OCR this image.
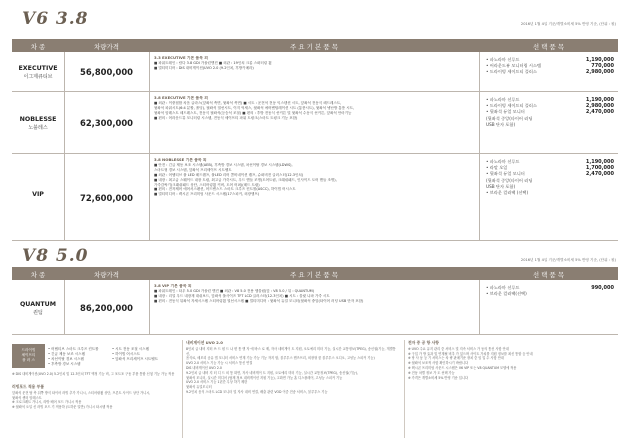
V6 3.8	2016년 1월 4일 기준/개별소비세 5% 반영 기준, (단위 : 원)
차 종	차량가격	주 요 기 본 품 목	선 택 품 목
EXECUTIVE
이그제큐티브	56,800,000
3.3 EXECUTIVE 기본 품목 외
■ 파워트레인 : 람다 3.8 GDI 가솔린엔진 ■ 외관 : 19인치 크롬 스퍼터링 휠
■ 멀티미디어 : DIS 내비게이션(UVO 2.0 (9.2인치, 후방카메라)
• 파노라마 선루프	1,190,000
• 어라운드뷰 모니터링 시스템	770,000
• 드라이빙 셰이프티 플러스	2,980,000
NOBLESSE
노블레스	62,300,000
3.8 EXECUTIVE 기본 품목 외
■ 외관 : 이중접합 차음 글라스(앞좌석 측면, 뒷좌석 측면) ■ 시트 : 운전석 전동 익스텐션 시트, 앞좌석 전동식 헤드레스트,
뒷좌석 파워시트(6:4 분할, 폴딩), 뒷좌석 열선시트, 이지 억세스, 뒷좌석 에어벤틸레이션 시트 (통풍시트), 뒷좌석 냉난방 통풍 시트,
뒷좌석 암레스트 헤드레스트, 전동식 뒷좌석(등승석 조절) ■ 편의 : 후방 전동식 선커튼 및 뒷좌석 수동식 선커튼, 앞좌석 안마기능
■ 편의 : 어라운드뷰 모니터링 시스템, 전동식 셰이프티 파워 트렁크(스마트 트렁크 기능 포함)
• 파노라마 선루프	1,190,000
• 드라이빙 셰이프티 플러스	2,980,000
• 뒷좌석 듀얼 모니터	2,470,000
(뒷좌석 중앙(타이어 러딩
USB 단자 포함)
VIP	72,600,000
3.8 NOBLESSE 기본 품목 외
■ 안전 : 긴급 제동 보조 시스템(AEB), 후측방 경보 시스템, 차선이탈 경보 시스템(LDWS),
스마트형 경보 시스템, 앞좌석 프리세이프 시트벨트
■ 외관 : 어댑티브 풀 LED 헤드램프, 풀LED 리어 콤비네이션 램프, 슈퍼비전 클러스터(12.3인치)
■ 내장 : 최고급 스웨이드 내장 트림, 최고급 가죽시트, 우드 핸들 조명(도어트림, 크래쉬패드, 인사이드 도어 핸들 조명),
가죽감싸기(크래쉬패드 상단, 스티어링휠 커버, 도어 어퍼)(헤드 트림)
■ 편의 : 전자제어 에어서스펜션, 어드밴스드 스마트 크루즈 컨트롤(ASCC), 하이빔 어시스트
■ 멀티미디어 : 렉시콘 프리미엄 사운드 시스템(17스피커, 외장앰프)
• 파노라마 선루프	1,190,000
• 라말 오일	1,700,000
• 뒷좌석 듀얼 모니터	2,470,000
(뒷좌석 중앙(타이어 러딩
USB 단자 포함)
• 브라운 컬러팩 (선택)
V8 5.0	2016년 1월 4일 기준/개별소비세 5% 반영 기준, (단위 : 원)
차 종	차량가격	주 요 기 본 품 목	선 택 품 목
QUANTUM
퀀텀	86,200,000
3.8 VIP 기본 품목 외
■ 파워트레인 : 타우 5.0 GDI 가솔린 엔진 ■ 외관 : V8 5.0 전용 엠블럼(앞 : V8 5.0 / 뒤 : QUANTUM)
■ 내장 : 리얼 우드 내장재 대쉬보드, 앞좌석 풀사이즈 TFT LCD 클러스터(12.3인치) ■ 시트 : 블릿 나파 가죽 시트
■ 편의 : 전동식 뒤좌석 자세시스템 스티어링휠 열선시스템 ■ 멀티미디어 : 뒷좌석 듀얼 모니터(뒷좌석 중앙(타이어 러딩 USB 단자 포함)
• 파노라마 선루프	990,000
• 브라운 컬러팩(선택)
드라이빙
셰이프티
플 러 스
• 어댑티브 스마트 크루즈 컨트롤	• 시트 전동 조절 시스템
• 긴급 제동 보조 시스템	• 하이빔 어시스트
• 차선이탈 경보 시스템	• 앞좌석 프리세이프 시트벨트
• 후측방 경보 시스템
※ DIS 내비게이션(UVO 2.0) 5.2인치 및 12.3인치 TFT 액정 기능 비, 그 포트포 구동 부품 통합 신청 기능 가능 적용
러빙포드 적용 부품
앞좌석 운전 탑 측 뒤쪽 방식 타이어 러빙 추가 가니시, 스티어링휠 상단, 프론트 사이드 상단 가니시,
뒷좌석 센터 암레스트
※ 크로크레트 가니시, 라방 베어 포드 가니시 적용
※ 뒷좌석 오일 신 러빙 포드 기 적용하 (트하운 일반) 가니시 타시템 적용
내비게이션 UVO 2.0
8인치 급 내비 지터 쓰 드 원 드 나 변 통 핸 자 에 바스 로 제, 자사 네비게이 트 지원, 오토에리 미터 기능, 실시간 교통정보(TPEG), 송신권(기능, 개별통신,
음식료, 메모리 공유 앱 모니터 서비스 연계 기능 가능 기능 자지 합, 블루투스 핸즈프리, 외장형 룸 블루투스 오디오, 고성능 스피커 기능)
UVO 2.0 서비스 기능 가능 시 서비스 통신 연결
DIS 내비게이션 UVO 2.0
9.2인치 급 내비 지 터 디 드 외 통 화면, 자사 네비게이 트 지원, 오토에리 미터 기능, 실시간 교통정보(TPEG), 송신권(기능),
뒷좌석 모니터, 실시간 미디어 (탑재 정보 내비게이션 지원 기능), 고화면 가능 홈 디스플레이, 고성능 스피커 기능
UVO 2.0 서비스 기능 1년간 무상 하기 제한
뒷좌석 듀얼모니터
9.2인치 음식 스마트 LCD 모니터 및 자사 내비 연결, 배출 관련 VOD 이중 전송 서비스, 블루투스 기능
전자 중 공 항 사항
※ UVO 주요 유지 관리 중 서비스 및 지속 서비스 가 동의 통신 사항 안내
※ 구입 가 방 효과 및 연계될 비추 가 있으며 사이트 가치를 지원 정보를 최신 통합 등 안내
※ 당 사 동 등 기 서비스는 차 량 판매기준 장치 중 임 입 수 사항 안내
※ 뒷좌석 보조적 사항 확인하시기 바랍니다
※ 렉시콘 프리미엄 사운드 시스템은 V6 VIP 또는 V8 QUANTUM 모델에 적용
※ 전동 차별 정보 가 도 선택 가능
※ 가격은 개별소비세 5% 반영 기준 입니다
